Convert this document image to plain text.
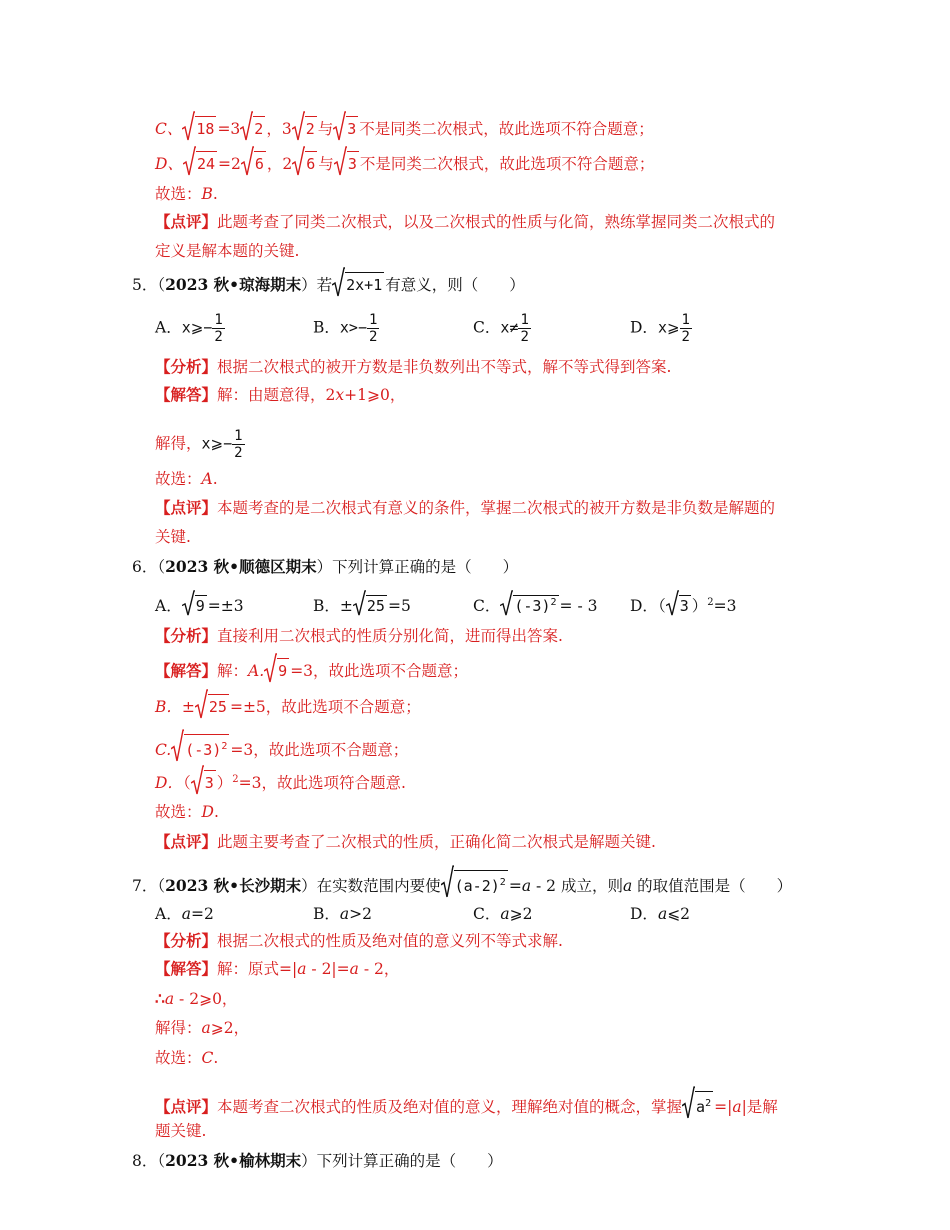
C、 18 =3 2 ，3 2 与 3 不是同类二次根式，故此选项不符合题意；
D、 24 =2 6 ，2 6 与 3 不是同类二次根式，故此选项不符合题意；
故选：B.
【点评】此题考查了同类二次根式，以及二次根式的性质与化简，熟练掌握同类二次根式的
定义是解本题的关键.
5．（2023 秋•琼海期末）若 2x+1 有意义，则（　　）
A．x⩾− $\frac{1}{2}$	B．$x>- \frac{1}{2}$	C．$x\ne \frac{1}{2}$	D．x⩾ $\frac{1}{2}$
【分析】根据二次根式的被开方数是非负数列出不等式，解不等式得到答案.
【解答】解：由题意得，2x+1⩾0，
解得，x⩾− $\frac{1}{2}$
故选：A.
【点评】本题考查的是二次根式有意义的条件，掌握二次根式的被开方数是非负数是解题的
关键.
6．（2023 秋•顺德区期末）下列计算正确的是（　　）
A． 9 =±3	B．± 25 =5	C． $(-3)^2$ = - 3 D．（ 3 ）$^2$=3
【分析】直接利用二次根式的性质分别化简，进而得出答案.
【解答】解：A. 9 =3，故此选项不合题意；
B．± 25 =±5，故此选项不合题意；
C. $(-3)^2 =3$，故此选项不合题意；
D．（ 3 ）$^2$=3，故此选项符合题意.
故选：D.
【点评】此题主要考查了二次根式的性质，正确化简二次根式是解题关键.
7．（2023 秋•长沙期末）在实数范围内要使 $(a-2)^2 =a - 2$ 成立，则a 的取值范围是（　　）
A．a=2	B．a>2	C．a⩾2	D．a⩽2
【分析】根据二次根式的性质及绝对值的意义列不等式求解.
【解答】解：原式=|a - 2|=a - 2，
∴a - 2⩾0，
解得：a⩾2，
故选：C.
【点评】本题考查二次根式的性质及绝对值的意义，理解绝对值的概念，掌握 $a^2 =|a|$是解
题关键.
8．（2023 秋•榆林期末）下列计算正确的是（　　）
